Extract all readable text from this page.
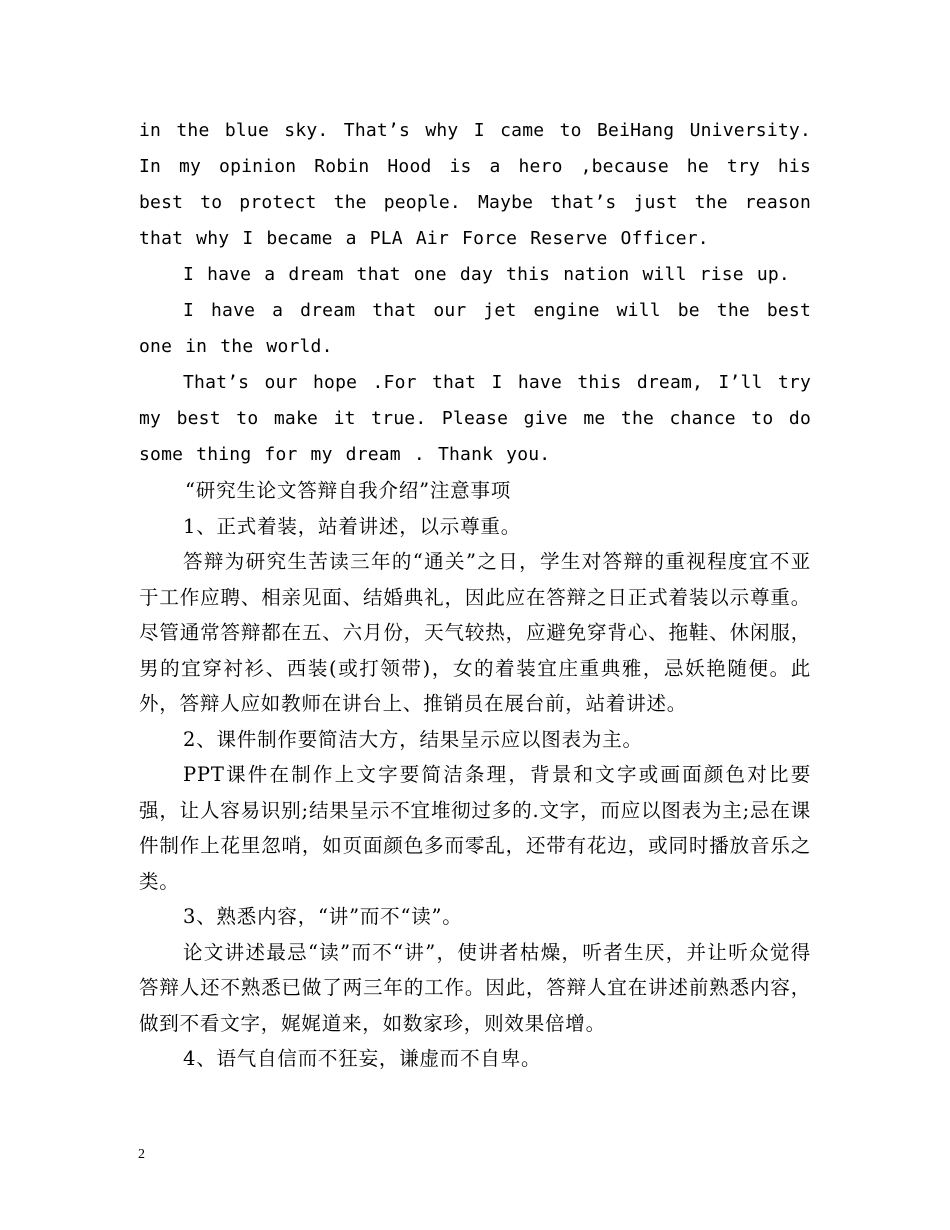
in the blue sky. That’s why I came to BeiHang University. In my opinion Robin Hood is a hero ,because he try his best to protect the people. Maybe that’s just the reason that why I became a PLA Air Force Reserve Officer.

I have a dream that one day this nation will rise up.

I have a dream that our jet engine will be the best one in the world.

That’s our hope .For that I have this dream, I’ll try my best to make it true. Please give me the chance to do some thing for my dream . Thank you.

“研究生论文答辩自我介绍”注意事项

1、正式着装，站着讲述，以示尊重。

答辩为研究生苦读三年的“通关”之日，学生对答辩的重视程度宜不亚于工作应聘、相亲见面、结婚典礼，因此应在答辩之日正式着装以示尊重。尽管通常答辩都在五、六月份，天气较热，应避免穿背心、拖鞋、休闲服，男的宜穿衬衫、西装(或打领带)，女的着装宜庄重典雅，忌妖艳随便。此外，答辩人应如教师在讲台上、推销员在展台前，站着讲述。

2、课件制作要简洁大方，结果呈示应以图表为主。

PPT课件在制作上文字要简洁条理，背景和文字或画面颜色对比要强，让人容易识别;结果呈示不宜堆彻过多的.文字，而应以图表为主;忌在课件制作上花里忽哨，如页面颜色多而零乱，还带有花边，或同时播放音乐之类。

3、熟悉内容，“讲”而不“读”。

论文讲述最忌“读”而不“讲”，使讲者枯燥，听者生厌，并让听众觉得答辩人还不熟悉已做了两三年的工作。因此，答辩人宜在讲述前熟悉内容，做到不看文字，娓娓道来，如数家珍，则效果倍增。

4、语气自信而不狂妄，谦虚而不自卑。

2
